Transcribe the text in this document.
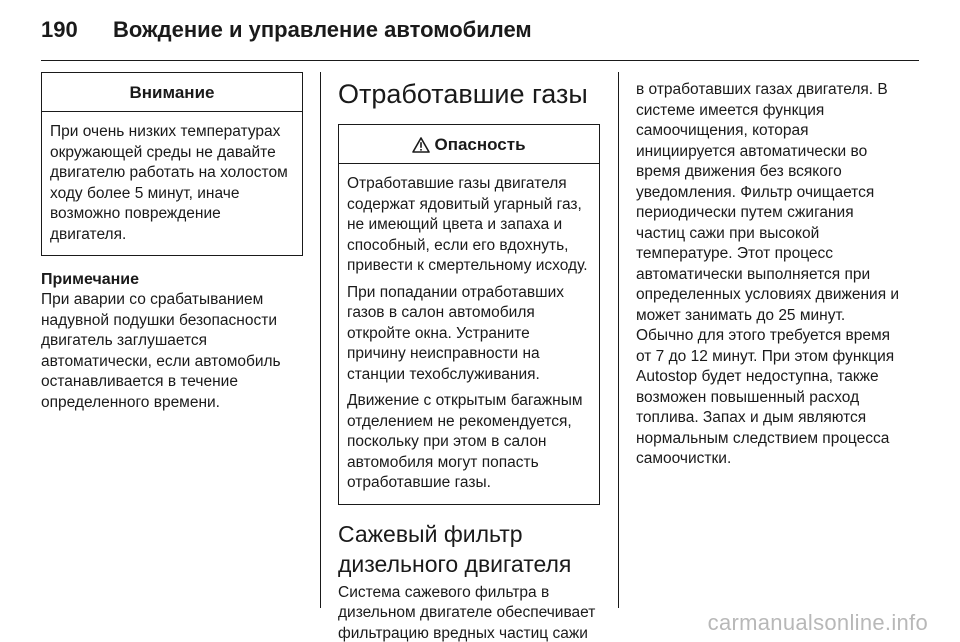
190	Вождение и управление автомобилем
Внимание
При очень низких температурах окружающей среды не давайте двигателю работать на холостом ходу более 5 минут, иначе возможно повреждение двигателя.
Примечание
При аварии со срабатыванием надувной подушки безопасности двигатель заглушается автоматически, если автомобиль останавливается в течение определенного времени.
Отработавшие газы
Опасность

Отработавшие газы двигателя содержат ядовитый угарный газ, не имеющий цвета и запаха и способный, если его вдохнуть, привести к смертельному исходу.

При попадании отработавших газов в салон автомобиля откройте окна. Устраните причину неисправности на станции техобслуживания.

Движение с открытым багажным отделением не рекомендуется, поскольку при этом в салон автомобиля могут попасть отработавшие газы.

Сажевый фильтр дизельного двигателя
Система сажевого фильтра в дизельном двигателе обеспечивает фильтрацию вредных частиц сажи
в отработавших газах двигателя. В системе имеется функция самоочищения, которая инициируется автоматически во время движения без всякого уведомления. Фильтр очищается периодически путем сжигания частиц сажи при высокой температуре. Этот процесс автоматически выполняется при определенных условиях движения и может занимать до 25 минут. Обычно для этого требуется время от 7 до 12 минут. При этом функция Autostop будет недоступна, также возможен повышенный расход топлива. Запах и дым являются нормальным следствием процесса самоочистки.
carmanualsonline.info
